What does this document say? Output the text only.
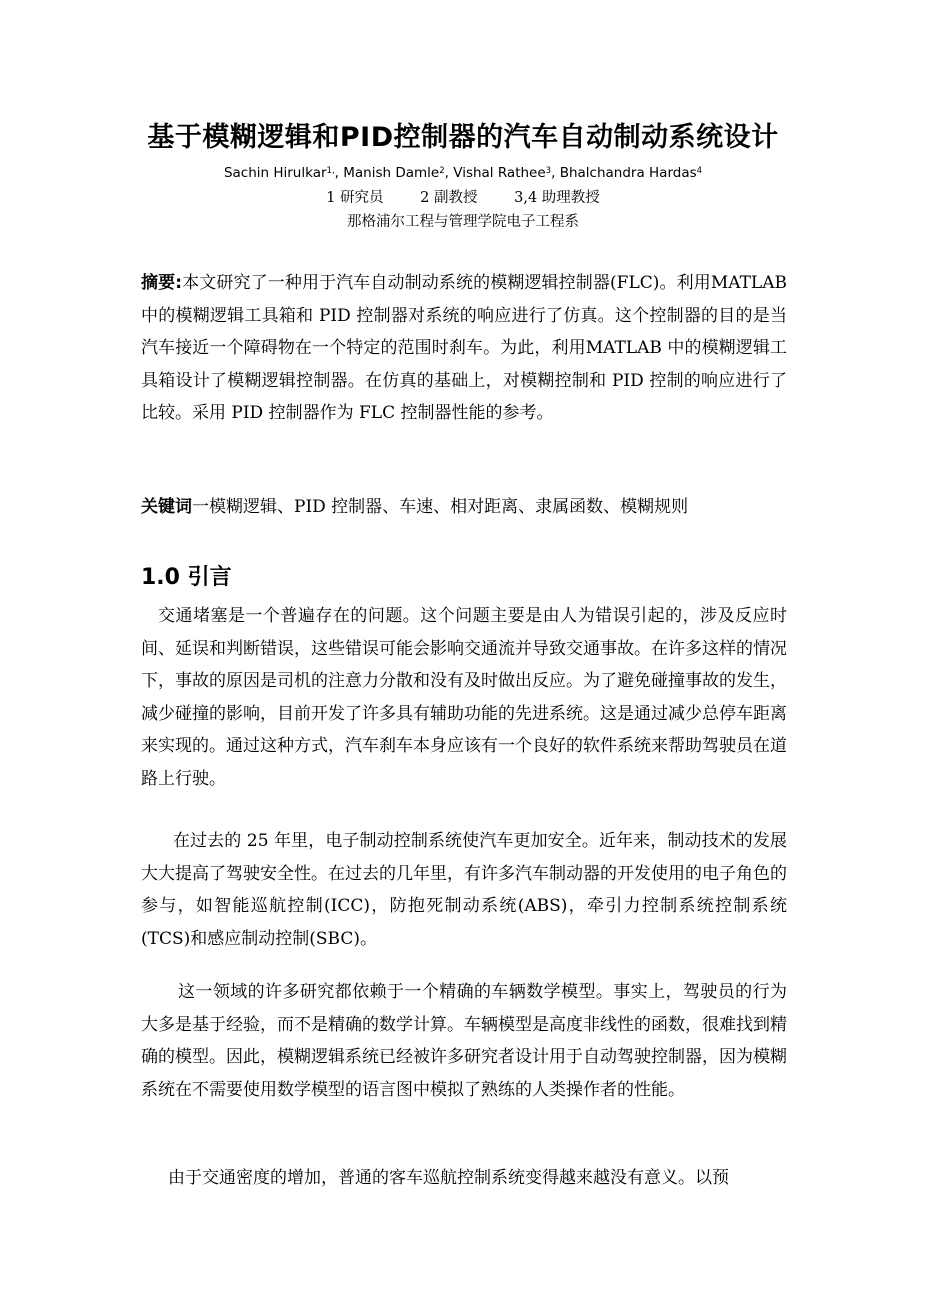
基于模糊逻辑和PID控制器的汽车自动制动系统设计
Sachin Hirulkar$^{1,}$, Manish Damle$^2$, Vishal Rathee$^3$, Bhalchandra Hardas$^4$
1 研究员	2 副教授	3,4 助理教授
那格浦尔工程与管理学院电子工程系

摘要:本文研究了一种用于汽车自动制动系统的模糊逻辑控制器(FLC)。利用MATLAB 中的模糊逻辑工具箱和 PID 控制器对系统的响应进行了仿真。这个控制器的目的是当汽车接近一个障碍物在一个特定的范围时刹车。为此，利用MATLAB 中的模糊逻辑工具箱设计了模糊逻辑控制器。在仿真的基础上，对模糊控制和 PID 控制的响应进行了比较。采用 PID 控制器作为 FLC 控制器性能的参考。

关键词一模糊逻辑、PID 控制器、车速、相对距离、隶属函数、模糊规则

1.0 引言

交通堵塞是一个普遍存在的问题。这个问题主要是由人为错误引起的，涉及反应时间、延误和判断错误，这些错误可能会影响交通流并导致交通事故。在许多这样的情况下，事故的原因是司机的注意力分散和没有及时做出反应。为了避免碰撞事故的发生，减少碰撞的影响，目前开发了许多具有辅助功能的先进系统。这是通过减少总停车距离来实现的。通过这种方式，汽车刹车本身应该有一个良好的软件系统来帮助驾驶员在道路上行驶。

在过去的 25 年里，电子制动控制系统使汽车更加安全。近年来，制动技术的发展大大提高了驾驶安全性。在过去的几年里，有许多汽车制动器的开发使用的电子角色的参与，如智能巡航控制(ICC)，防抱死制动系统(ABS)，牵引力控制系统控制系统(TCS)和感应制动控制(SBC)。

这一领域的许多研究都依赖于一个精确的车辆数学模型。事实上，驾驶员的行为大多是基于经验，而不是精确的数学计算。车辆模型是高度非线性的函数，很难找到精确的模型。因此，模糊逻辑系统已经被许多研究者设计用于自动驾驶控制器，因为模糊系统在不需要使用数学模型的语言图中模拟了熟练的人类操作者的性能。

由于交通密度的增加，普通的客车巡航控制系统变得越来越没有意义。以预
